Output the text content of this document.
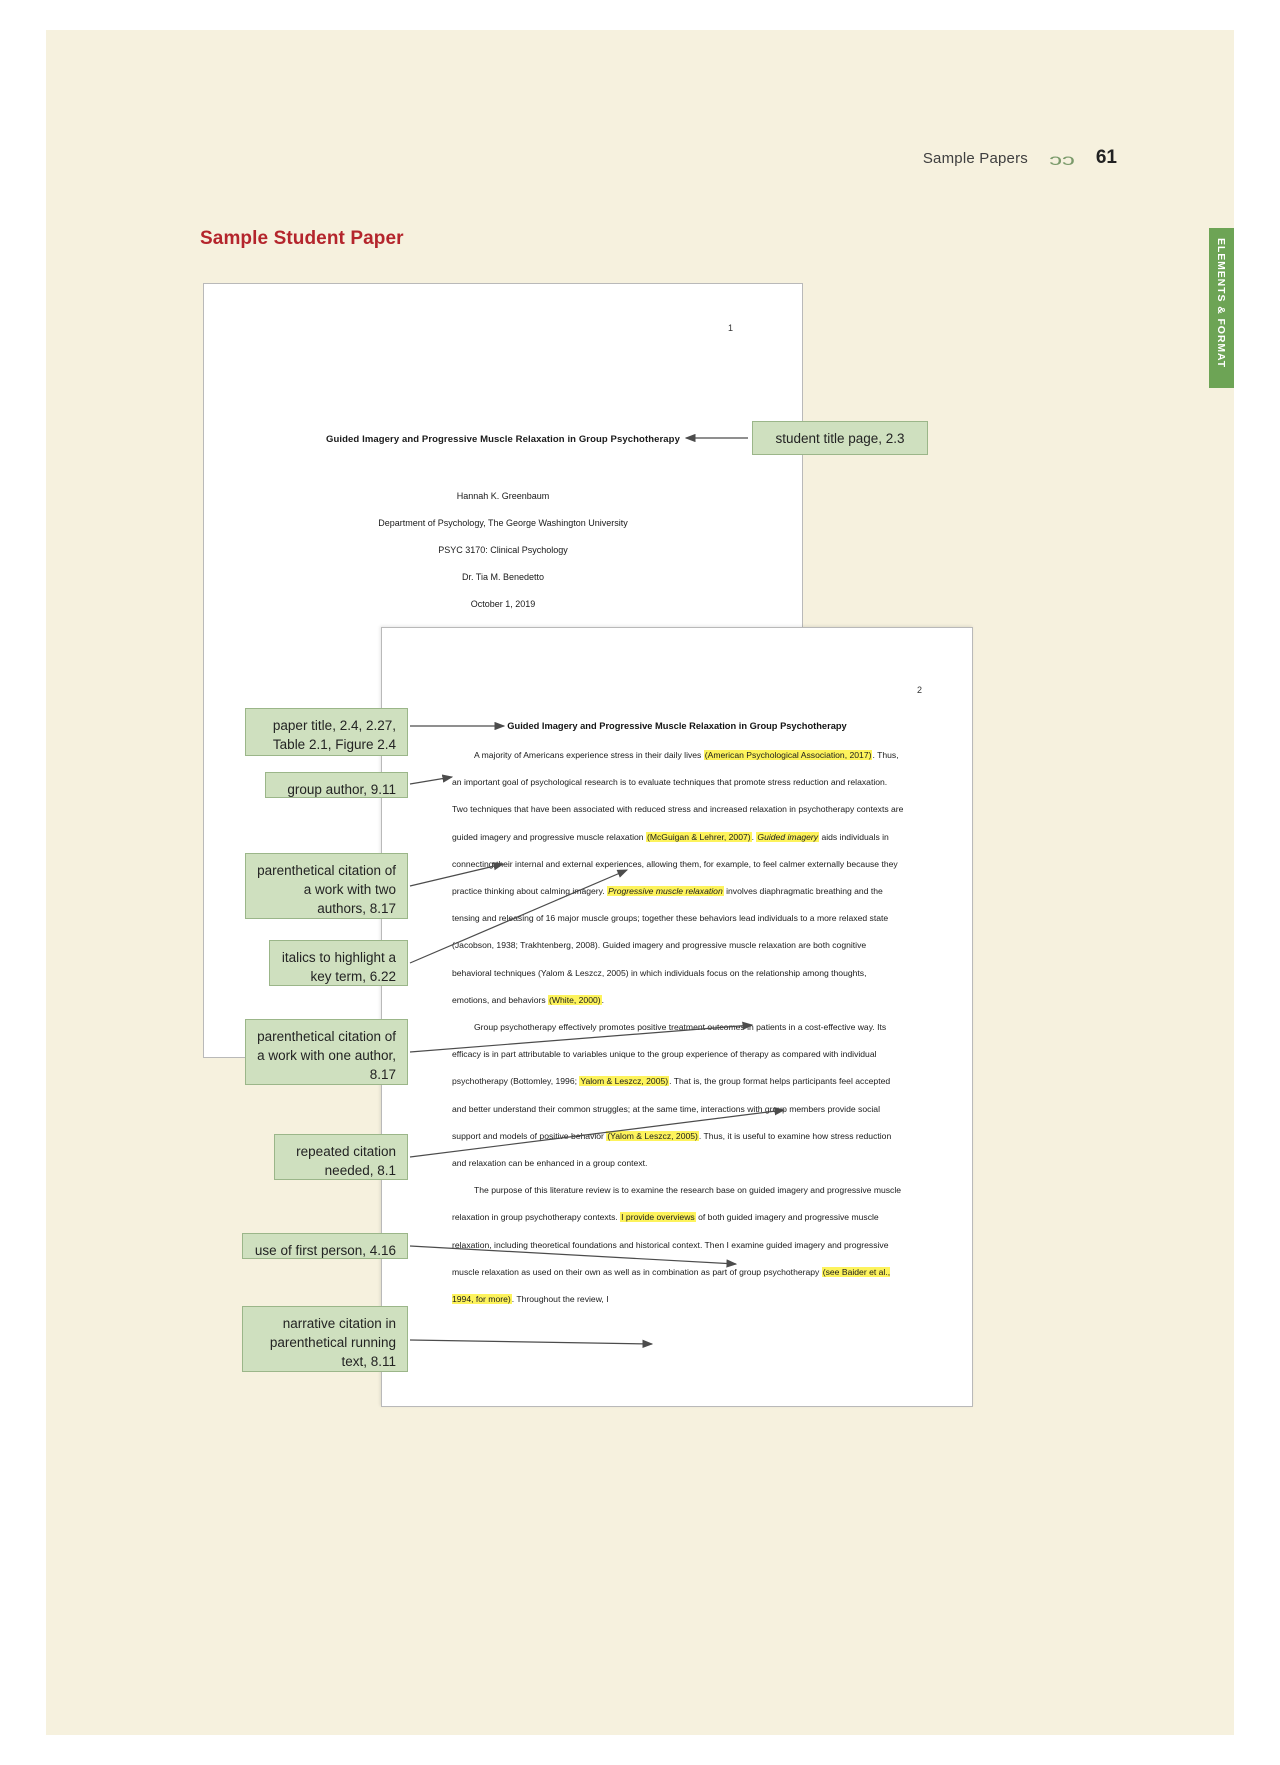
Sample Papers ɔɔ 61
Sample Student Paper	ELEMENTS & FORMAT
1
Guided Imagery and Progressive Muscle Relaxation in Group Psychotherapy
Hannah K. Greenbaum
Department of Psychology, The George Washington University
PSYC 3170: Clinical Psychology
Dr. Tia M. Benedetto
October 1, 2019
2
Guided Imagery and Progressive Muscle Relaxation in Group Psychotherapy

A majority of Americans experience stress in their daily lives (American Psychological Association, 2017). Thus, an important goal of psychological research is to evaluate techniques that promote stress reduction and relaxation. Two techniques that have been associated with reduced stress and increased relaxation in psychotherapy contexts are guided imagery and progressive muscle relaxation (McGuigan & Lehrer, 2007). Guided imagery aids individuals in connecting their internal and external experiences, allowing them, for example, to feel calmer externally because they practice thinking about calming imagery. Progressive muscle relaxation involves diaphragmatic breathing and the tensing and releasing of 16 major muscle groups; together these behaviors lead individuals to a more relaxed state (Jacobson, 1938; Trakhtenberg, 2008). Guided imagery and progressive muscle relaxation are both cognitive behavioral techniques (Yalom & Leszcz, 2005) in which individuals focus on the relationship among thoughts, emotions, and behaviors (White, 2000).

Group psychotherapy effectively promotes positive treatment outcomes in patients in a cost-effective way. Its efficacy is in part attributable to variables unique to the group experience of therapy as compared with individual psychotherapy (Bottomley, 1996; Yalom & Leszcz, 2005). That is, the group format helps participants feel accepted and better understand their common struggles; at the same time, interactions with group members provide social support and models of positive behavior (Yalom & Leszcz, 2005). Thus, it is useful to examine how stress reduction and relaxation can be enhanced in a group context.

The purpose of this literature review is to examine the research base on guided imagery and progressive muscle relaxation in group psychotherapy contexts. I provide overviews of both guided imagery and progressive muscle relaxation, including theoretical foundations and historical context. Then I examine guided imagery and progressive muscle relaxation as used on their own as well as in combination as part of group psychotherapy (see Baider et al., 1994, for more). Throughout the review, I

student title page, 2.3
paper title, 2.4, 2.27, Table 2.1, Figure 2.4
group author, 9.11
parenthetical citation of a work with two authors, 8.17
italics to highlight a key term, 6.22
parenthetical citation of a work with one author, 8.17
repeated citation needed, 8.1
use of first person, 4.16
narrative citation in parenthetical running text, 8.11
